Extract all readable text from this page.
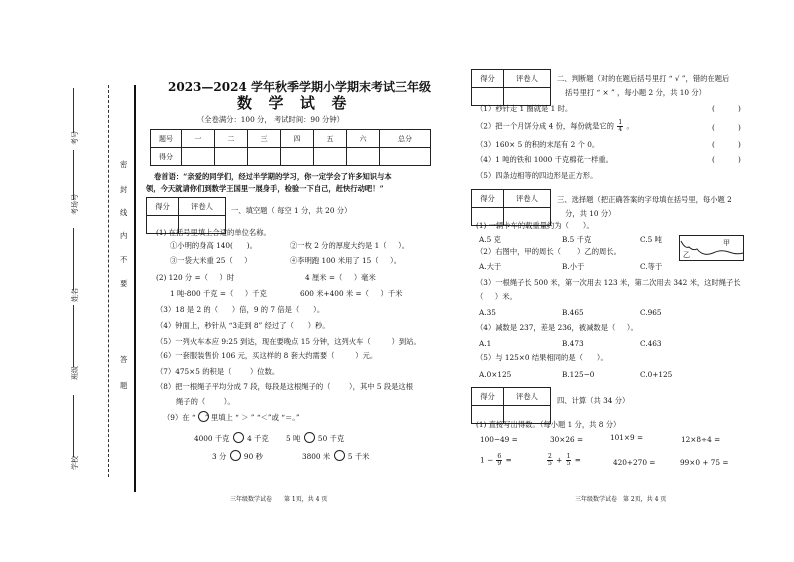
学校
班级
姓名
考场号
考号
密
封
线
内
不
要
答
题
2023—2024 学年秋季学期小学期末考试三年级
数  学  试  卷
（全卷满分：100 分， 考试时间：90 分钟）
题号	一	二	三	四	五	六	总分
得分							
卷首语：“亲爱的同学们，经过半学期的学习，你一定学会了许多知识与本
领，今天就请你们到数学王国里一展身手，检验一下自己，赶快行动吧！”
得分	评卷人
	一、填空题（ 每空 1 分，共 20 分）
(1) 在括号里填上合适的单位名称。
①小明的身高 140(      )。	②一枚 2 分的厚度大约是 1（     ）。
③一袋大米重 25（     ）	④李明跑 100 米用了 15（     ）。
(2) 120 分 =（     ）时	4 厘米 =（     ）毫米
1 吨-800 千克 =（     ）千克	600 米+400 米 =（     ）千米
（3）18 是 2 的（      ）倍，9 的 7 倍是（      ）。
（4）钟面上，秒针从 “3走到 8” 经过了（      ）秒。
（5）一列火车本应 9:25 到达，现在要晚点 15 分钟，这列火车（         ）到站。
（6）一套服装售价 106 元，买这样的 8 套大约需要（         ）元。
（7）475×5 的积是（        ）位数。
（8）把一根绳子平均分成 7 段，每段是这根绳子的（        ），其中 5 段是这根
绳子的（        ）。
（9）在 “    ” 里填上 “ ＞ ” “＜”或 “＝。”
4000 千克 4 千克 5 吨 50 千克
3 分 90 秒	3800 米 5 千米
三年级数学试卷　　第 1页，共 4 页
得分	评卷人
		二、判断题（对的在题后括号里打 “ √ ”，错的在题后
括号里打 “ × ” ，每小题 2 分，共 10 分）
（1）秒针走 1 圈就是 1 时。	(          )
（2）把一个月饼分成 4 份，每份就是它的 $\frac{1}{4}$ 。	(          )
（3）160× 5 的积的末尾有 2 个 0。	(          )
（4）1 吨的铁和 1000 千克棉花一样重。	(          )
（5）四条边相等的四边形是正方形。
得分	评卷人
		三、选择题（把正确答案的字母填在括号里，每小题 2
分，共 10 分）
(1) 一辆卡车的载重量约为（      ）。
A.5 克	B.5 千克	C.5 吨
（2）右图中，甲的周长（       ）乙的周长。
A.大于	B.小于	C.等于
甲
乙
（3）一根绳子长 500 米，第一次用去 123 米，第二次用去 342 米，这时绳子长
（     ）米。
A.35	B.465	C.965
（4）减数是 237，差是 236，被减数是（     ）。
A.1	B.473	C.463
（5）与 125×0 结果相同的是（      ）。
A.0×125	B.125−0	C.0+125
得分	评卷人
		四、计算（共 34 分）
(1) 直接写出得数。（每小题 1 分，共 8 分）
100−49 =	30×26 =	101×9 =	12×8÷4 =
$1 - \frac{6}{9}$ =	$\frac{2}{5} + \frac{1}{5}$ =	420+270 =	99×0 + 75 =
三年级数学试卷　第 2页，共 4 页
